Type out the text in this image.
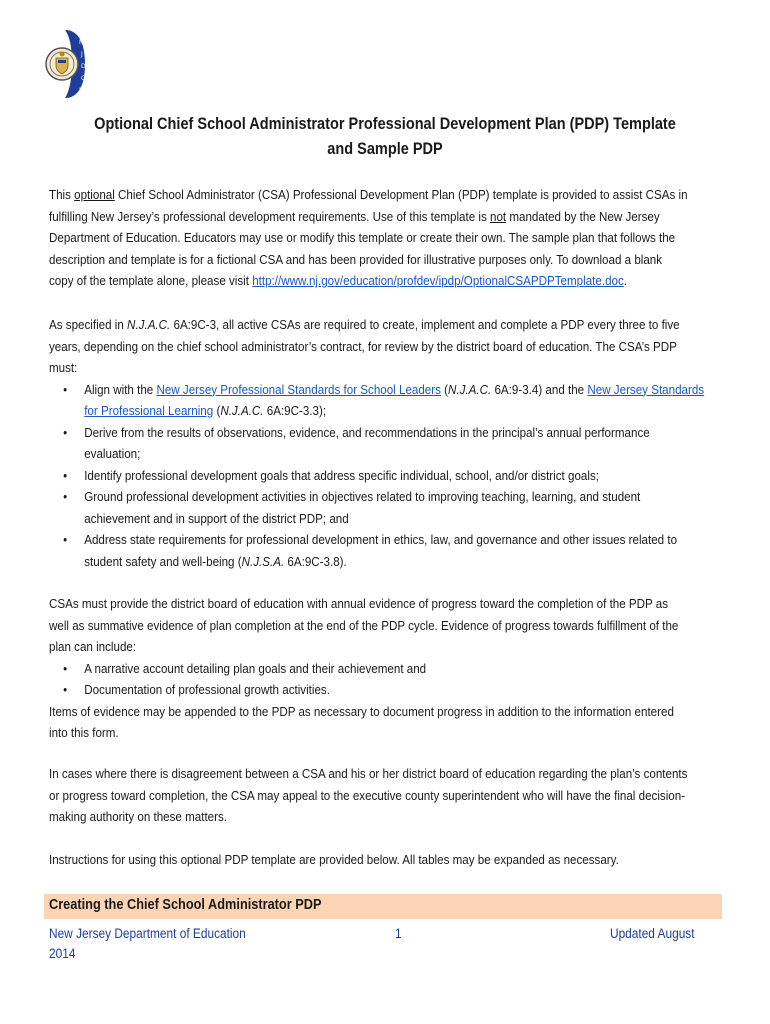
N
J
D
O
E
Optional Chief School Administrator Professional Development Plan (PDP) Template
and Sample PDP
This optional Chief School Administrator (CSA) Professional Development Plan (PDP) template is provided to assist CSAs in
fulfilling New Jersey’s professional development requirements. Use of this template is not mandated by the New Jersey
Department of Education. Educators may use or modify this template or create their own. The sample plan that follows the
description and template is for a fictional CSA and has been provided for illustrative purposes only. To download a blank
copy of the template alone, please visit http://www.nj.gov/education/profdev/ipdp/OptionalCSAPDPTemplate.doc.
As specified in N.J.A.C. 6A:9C-3, all active CSAs are required to create, implement and complete a PDP every three to five
years, depending on the chief school administrator’s contract, for review by the district board of education. The CSA’s PDP
must:
• Align with the New Jersey Professional Standards for School Leaders (N.J.A.C. 6A:9-3.4) and the New Jersey Standards
for Professional Learning (N.J.A.C. 6A:9C-3.3);
• Derive from the results of observations, evidence, and recommendations in the principal’s annual performance
evaluation;
• Identify professional development goals that address specific individual, school, and/or district goals;
• Ground professional development activities in objectives related to improving teaching, learning, and student
achievement and in support of the district PDP; and
• Address state requirements for professional development in ethics, law, and governance and other issues related to
student safety and well-being (N.J.S.A. 6A:9C-3.8).
CSAs must provide the district board of education with annual evidence of progress toward the completion of the PDP as
well as summative evidence of plan completion at the end of the PDP cycle. Evidence of progress towards fulfillment of the
plan can include:
• A narrative account detailing plan goals and their achievement and
• Documentation of professional growth activities.
Items of evidence may be appended to the PDP as necessary to document progress in addition to the information entered
into this form.
In cases where there is disagreement between a CSA and his or her district board of education regarding the plan’s contents
or progress toward completion, the CSA may appeal to the executive county superintendent who will have the final decision-
making authority on these matters.
Instructions for using this optional PDP template are provided below. All tables may be expanded as necessary.
Creating the Chief School Administrator PDP
New Jersey Department of Education
2014
1	Updated August
